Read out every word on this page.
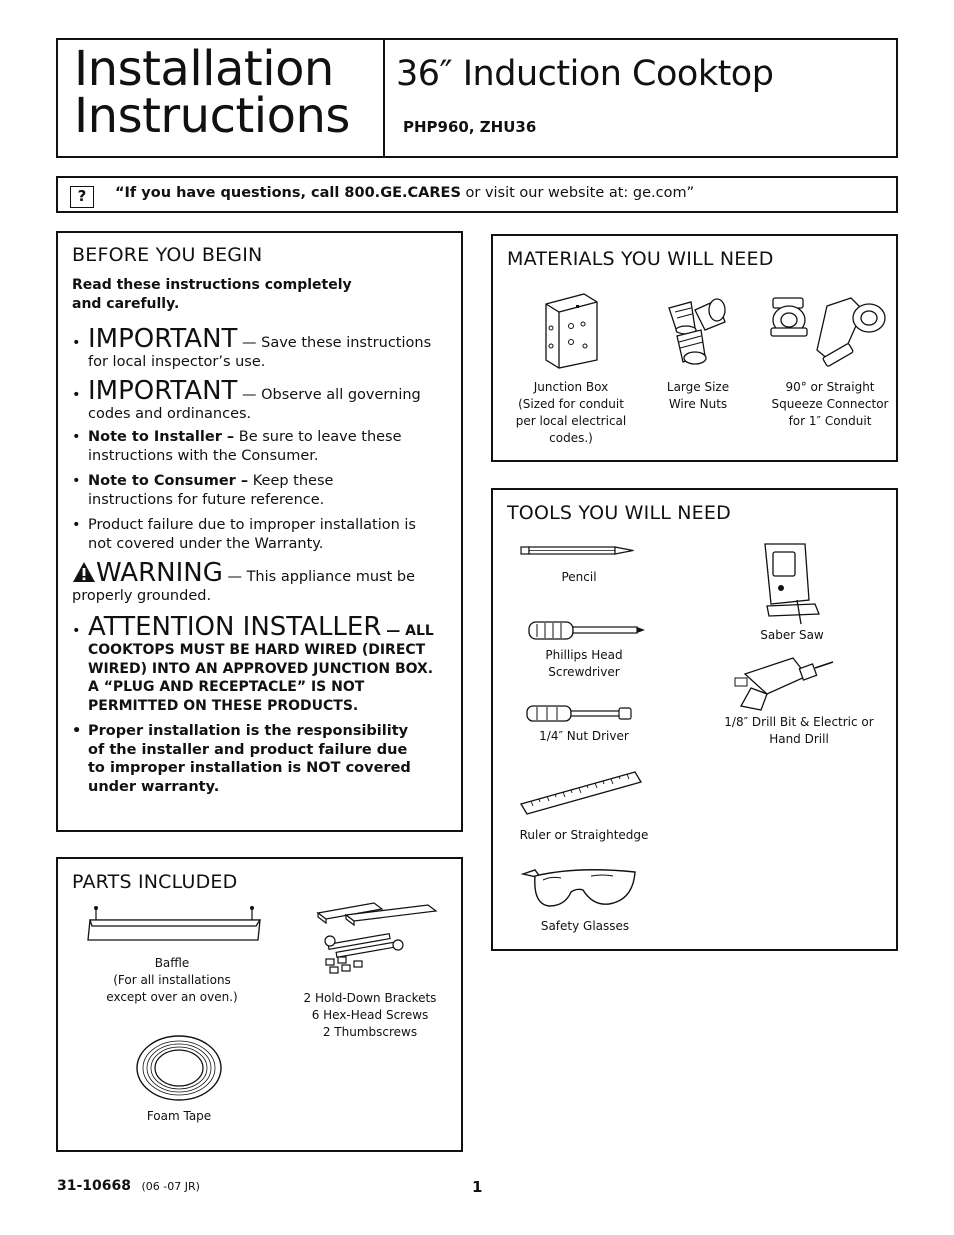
Installation
Instructions
36″ Induction Cooktop
PHP960, ZHU36
?	“If you have questions, call 800.GE.CARES or visit our website at: ge.com”
BEFORE YOU BEGIN
Read these instructions completely
and carefully.
• IMPORTANT — Save these instructions
for local inspector’s use.
• IMPORTANT — Observe all governing
codes and ordinances.
• Note to Installer – Be sure to leave these instructions with the Consumer.
• Note to Consumer – Keep these instructions for future reference.
• Product failure due to improper installation is not covered under the Warranty.
WARNING — This appliance must be
properly grounded.
• ATTENTION INSTALLER — ALL

COOKTOPS MUST BE HARD WIRED (DIRECT WIRED) INTO AN APPROVED JUNCTION BOX. A “PLUG AND RECEPTACLE” IS NOT PERMITTED ON THESE PRODUCTS.
• Proper installation is the responsibility of the installer and product failure due to improper installation is NOT covered under warranty.
MATERIALS YOU WILL NEED
Junction Box
(Sized for conduit
per local electrical
codes.)
Large Size
Wire Nuts
90° or Straight
Squeeze Connector
for 1″ Conduit
TOOLS YOU WILL NEED
Pencil
Saber Saw
Phillips Head
Screwdriver
1/8″ Drill Bit & Electric or
Hand Drill
1/4″ Nut Driver
Ruler or Straightedge
Safety Glasses
PARTS INCLUDED
Baffle
(For all installations
except over an oven.)	2 Hold-Down Brackets
6 Hex-Head Screws
2 Thumbscrews
Foam Tape
31-10668 (06 -07 JR)	1
